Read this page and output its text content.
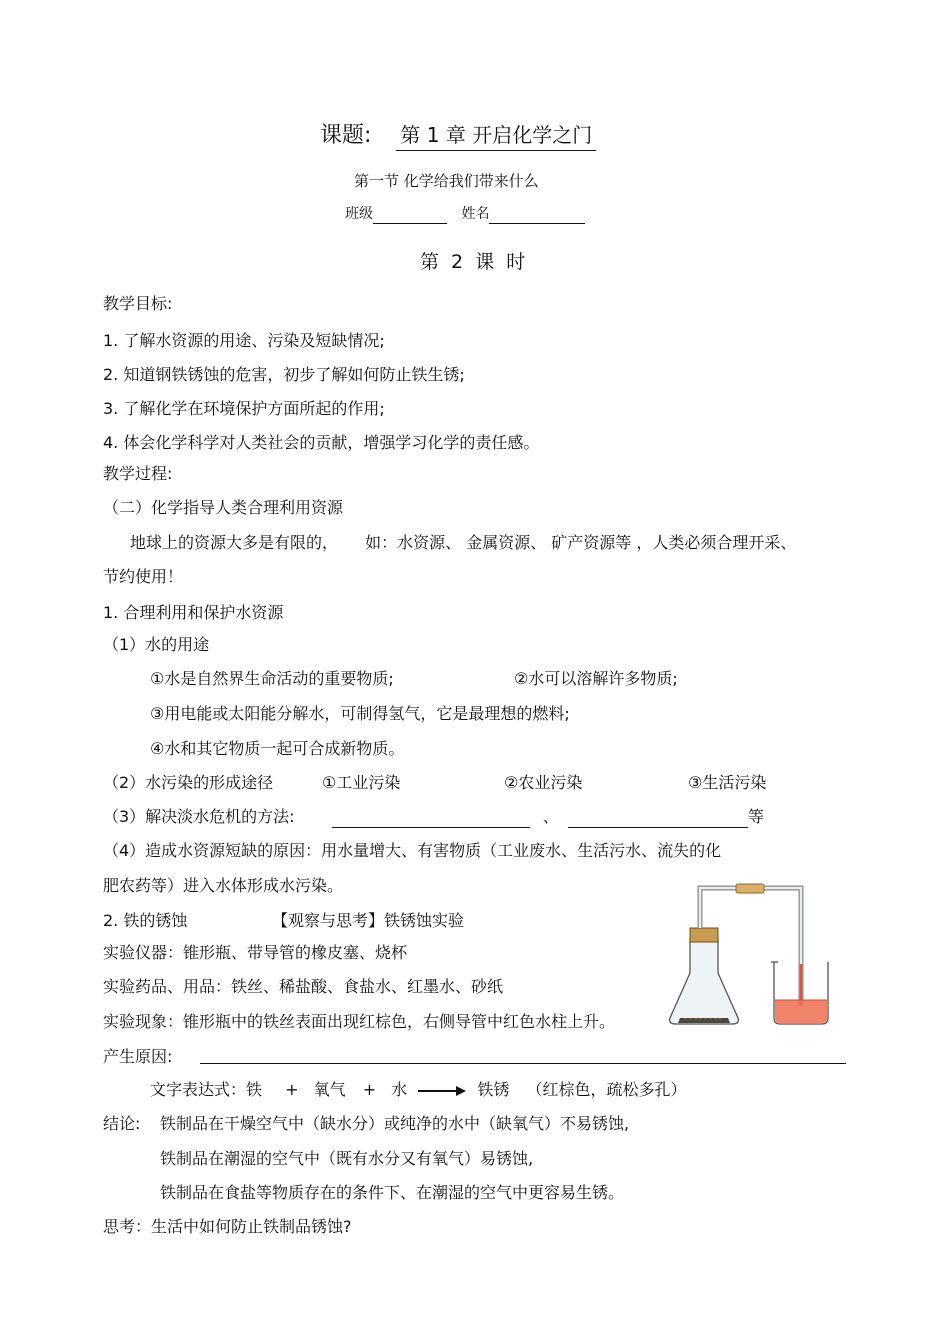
课题: 第 1 章 开启化学之门
第一节 化学给我们带来什么
班级	姓名
第 2 课 时
教学目标:
1. 了解水资源的用途、污染及短缺情况;
2. 知道钢铁锈蚀的危害，初步了解如何防止铁生锈;
3. 了解化学在环境保护方面所起的作用;
4. 体会化学科学对人类社会的贡献，增强学习化学的责任感。
教学过程:
（二）化学指导人类合理利用资源
地球上的资源大多是有限的， 如：水资源、 金属资源、 矿产资源等 ，人类必须合理开采、
节约使用！
1. 合理利用和保护水资源
（1）水的用途
①水是自然界生命活动的重要物质;	②水可以溶解许多物质;
③用电能或太阳能分解水，可制得氢气，它是最理想的燃料;
④水和其它物质一起可合成新物质。
（2）水污染的形成途径	①工业污染	②农业污染	③生活污染
（3）解决淡水危机的方法:	、	等
（4）造成水资源短缺的原因：用水量增大、有害物质（工业废水、生活污水、流失的化
肥农药等）进入水体形成水污染。
2. 铁的锈蚀	【观察与思考】铁锈蚀实验
实验仪器：锥形瓶、带导管的橡皮塞、烧杯
实验药品、用品：铁丝、稀盐酸、食盐水、红墨水、砂纸
实验现象：锥形瓶中的铁丝表面出现红棕色，右侧导管中红色水柱上升。
产生原因:
文字表达式：铁 + 氧气 + 水 → 铁锈 （红棕色，疏松多孔）
结论: 铁制品在干燥空气中（缺水分）或纯净的水中（缺氧气）不易锈蚀,
铁制品在潮湿的空气中（既有水分又有氧气）易锈蚀,
铁制品在食盐等物质存在的条件下、在潮湿的空气中更容易生锈。
思考：生活中如何防止铁制品锈蚀?
